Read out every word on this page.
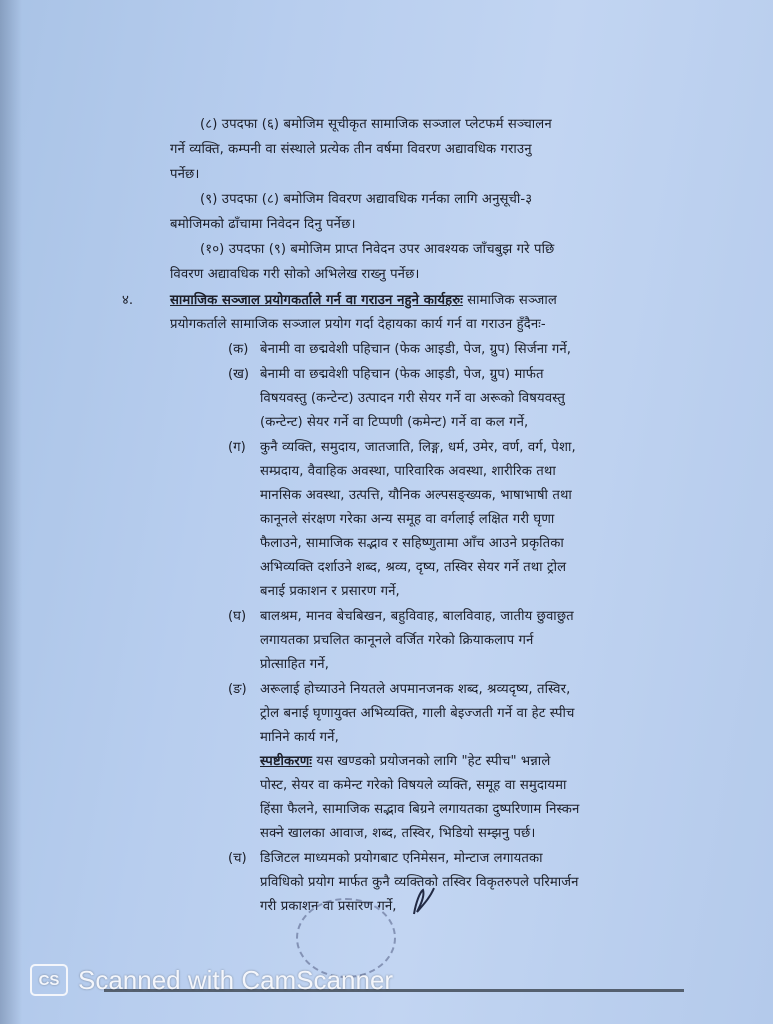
(८) उपदफा (६) बमोजिम सूचीकृत सामाजिक सञ्जाल प्लेटफर्म सञ्चालन
गर्ने व्यक्ति, कम्पनी वा संस्थाले प्रत्येक तीन वर्षमा विवरण अद्यावधिक गराउनु
पर्नेछ।
(९) उपदफा (८) बमोजिम विवरण अद्यावधिक गर्नका लागि अनुसूची-३
बमोजिमको ढाँचामा निवेदन दिनु पर्नेछ।
(१०) उपदफा (९) बमोजिम प्राप्त निवेदन उपर आवश्यक जाँचबुझ गरे पछि
विवरण अद्यावधिक गरी सोको अभिलेख राख्नु पर्नेछ।
४.	सामाजिक सञ्जाल प्रयोगकर्ताले गर्न वा गराउन नहुने कार्यहरुः सामाजिक सञ्जाल
प्रयोगकर्ताले सामाजिक सञ्जाल प्रयोग गर्दा देहायका कार्य गर्न वा गराउन हुँदैनः-
(क) बेनामी वा छद्मवेशी पहिचान (फेक आइडी, पेज, ग्रुप) सिर्जना गर्ने,
(ख) बेनामी वा छद्मवेशी पहिचान (फेक आइडी, पेज, ग्रुप) मार्फत
विषयवस्तु (कन्टेन्ट) उत्पादन गरी सेयर गर्ने वा अरूको विषयवस्तु
(कन्टेन्ट) सेयर गर्ने वा टिप्पणी (कमेन्ट) गर्ने वा कल गर्ने,
(ग) कुनै व्यक्ति, समुदाय, जातजाति, लिङ्ग, धर्म, उमेर, वर्ण, वर्ग, पेशा,
सम्प्रदाय, वैवाहिक अवस्था, पारिवारिक अवस्था, शारीरिक तथा
मानसिक अवस्था, उत्पत्ति, यौनिक अल्पसङ्ख्यक, भाषाभाषी तथा
कानूनले संरक्षण गरेका अन्य समूह वा वर्गलाई लक्षित गरी घृणा
फैलाउने, सामाजिक सद्भाव र सहिष्णुतामा आँच आउने प्रकृतिका
अभिव्यक्ति दर्शाउने शब्द, श्रव्य, दृष्य, तस्विर सेयर गर्ने तथा ट्रोल
बनाई प्रकाशन र प्रसारण गर्ने,
(घ) बालश्रम, मानव बेचबिखन, बहुविवाह, बालविवाह, जातीय छुवाछुत
लगायतका प्रचलित कानूनले वर्जित गरेको क्रियाकलाप गर्न
प्रोत्साहित गर्ने,
(ङ) अरूलाई होच्याउने नियतले अपमानजनक शब्द, श्रव्यदृष्य, तस्विर,
ट्रोल बनाई घृणायुक्त अभिव्यक्ति, गाली बेइज्जती गर्ने वा हेट स्पीच
मानिने कार्य गर्ने,
स्पष्टीकरणः यस खण्डको प्रयोजनको लागि "हेट स्पीच" भन्नाले
पोस्ट, सेयर वा कमेन्ट गरेको विषयले व्यक्ति, समूह वा समुदायमा
हिंसा फैलने, सामाजिक सद्भाव बिग्रने लगायतका दुष्परिणाम निस्कन
सक्ने खालका आवाज, शब्द, तस्विर, भिडियो सम्झनु पर्छ।
(च) डिजिटल माध्यमको प्रयोगबाट एनिमेसन, मोन्टाज लगायतका
प्रविधिको प्रयोग मार्फत कुनै व्यक्तिको तस्विर विकृतरुपले परिमार्जन
गरी प्रकाशन वा प्रसारण गर्ने,
CS Scanned with CamScanner
